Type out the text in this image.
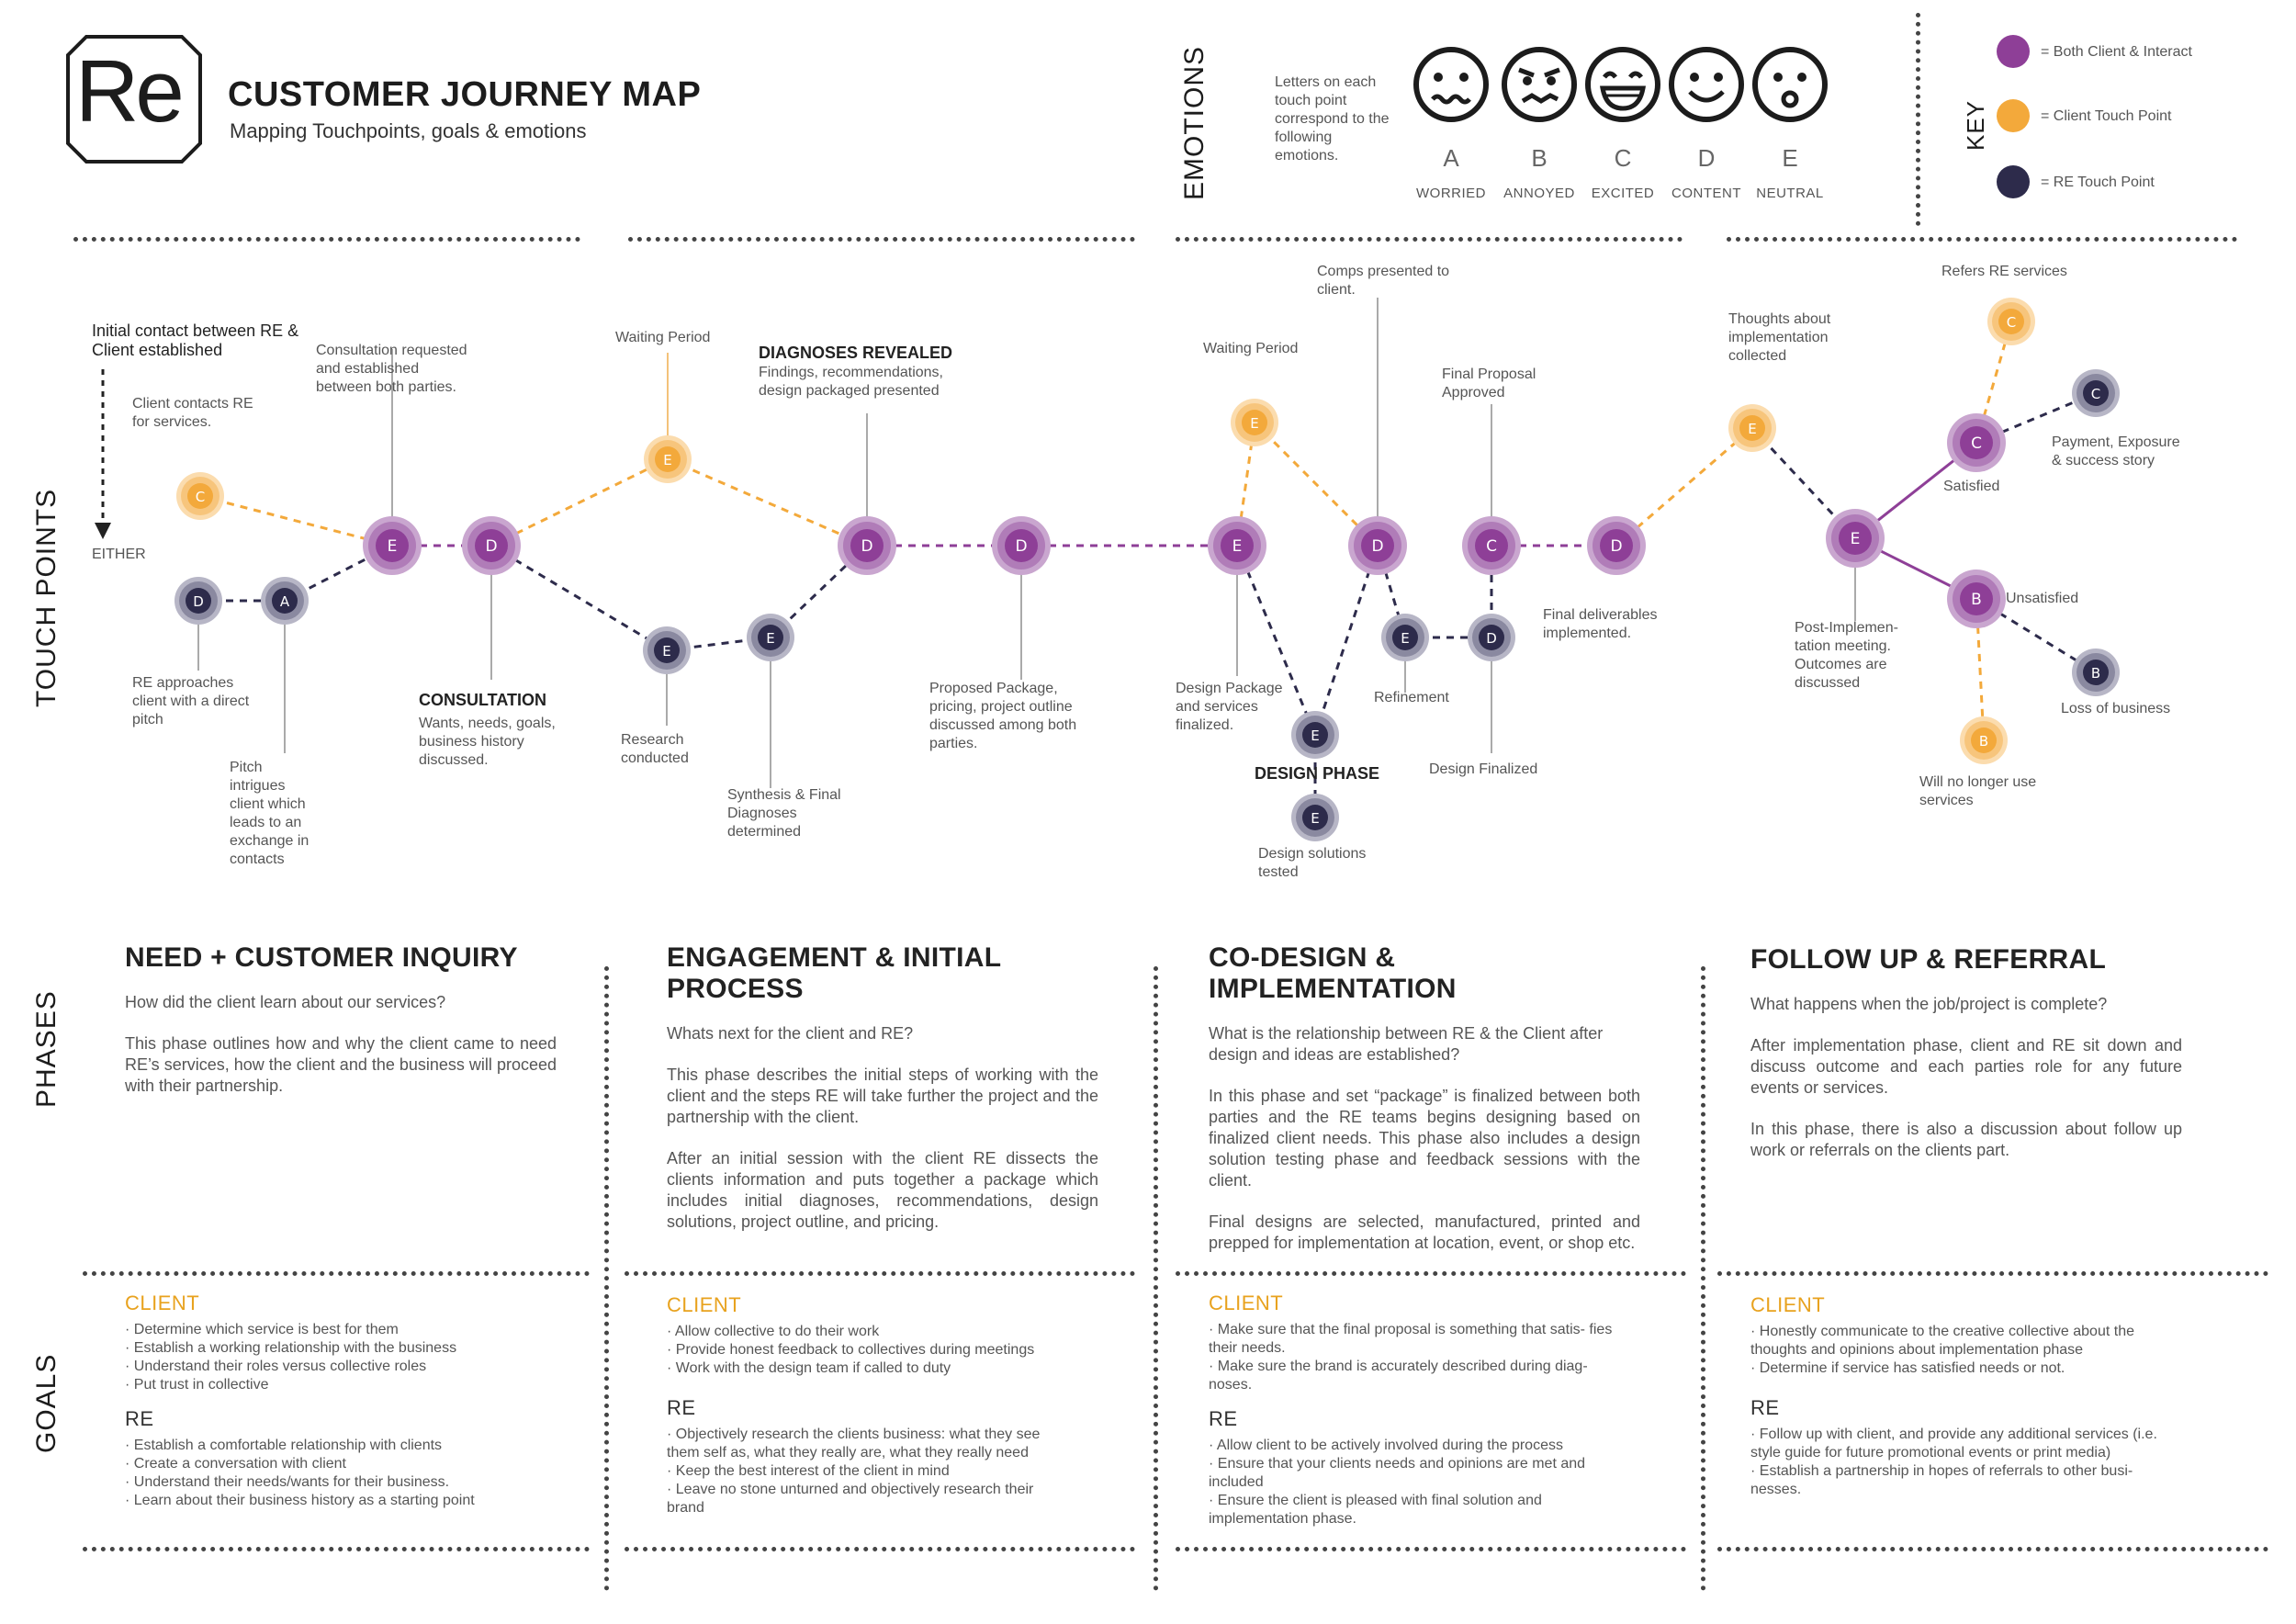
Re CUSTOMER JOURNEY MAP
Mapping Touchpoints, goals & emotions	EMOTIONS	Letters on each touch point correspond to the following emotions.	A
WORRIED
B
ANNOYED
C
EXCITED
D
CONTENT
E
NEUTRAL
KEY
= Both Client & Interact
= Client Touch Point
= RE Touch Point
TOUCH POINTS	C
D	A
E	D
E
E
E
D	D	E
E
D
E
E
E	D
C	D
E
E
C
C
C
B
B
B
Initial contact between RE & Client established
Client contacts RE for services.
EITHER
RE approaches client with a direct pitch
Pitch intrigues client which leads to an exchange in contacts
Consultation requested and established between both parties.
CONSULTATION
Wants, needs, goals, business history discussed.
Waiting Period
Research conducted
Synthesis & Final Diagnoses determined
DIAGNOSES REVEALED
Findings, recommendations, design packaged presented
Proposed Package, pricing, project outline discussed among both parties.
Waiting Period
Comps presented to client.
Design Package and services finalized.
DESIGN PHASE
Design solutions tested
Refinement
Final Proposal Approved
Design Finalized
Final deliverables implemented.
Thoughts about implementation collected
Post-Implemen- tation meeting. Outcomes are discussed
Refers RE services
Satisfied
Payment, Exposure & success story
Unsatisfied
Loss of business
Will no longer use services
PHASES
NEED + CUSTOMER INQUIRY

How did the client learn about our services?

This phase outlines how and why the client came to need RE’s services, how the client and the business will proceed with their partnership.

ENGAGEMENT & INITIAL PROCESS

Whats next for the client and RE?

This phase describes the initial steps of working with the client and the steps RE will take further the project and the partnership with the client.

After an initial session with the client RE dissects the clients information and puts together a package which includes initial diagnoses, recommendations, design solutions, project outline, and pricing.

CO-DESIGN & IMPLEMENTATION

What is the relationship between RE & the Client after design and ideas are established?

In this phase and set “package” is finalized between both parties and the RE teams begins designing based on finalized client needs. This phase also includes a design solution testing phase and feedback sessions with the client.

Final designs are selected, manufactured, printed and prepped for implementation at location, event, or shop etc.

FOLLOW UP & REFERRAL

What happens when the job/project is complete?

After implementation phase, client and RE sit down and discuss outcome and each parties role for any future events or services.

In this phase, there is also a discussion about follow up work or referrals on the clients part.

GOALS
CLIENT
· Determine which service is best for them
· Establish a working relationship with the business
· Understand their roles versus collective roles
· Put trust in collective
RE
· Establish a comfortable relationship with clients
· Create a conversation with client
· Understand their needs/wants for their business.
· Learn about their business history as a starting point
CLIENT
· Allow collective to do their work
· Provide honest feedback to collectives during meetings
· Work with the design team if called to duty
RE
· Objectively research the clients business: what they see them self as, what they really are, what they really need
· Keep the best interest of the client in mind
· Leave no stone unturned and objectively research their brand
CLIENT
· Make sure that the final proposal is something that satis- fies their needs.
· Make sure the brand is accurately described during diag- noses.
RE
· Allow client to be actively involved during the process
· Ensure that your clients needs and opinions are met and included
· Ensure the client is pleased with final solution and implementation phase.
CLIENT
· Honestly communicate to the creative collective about the thoughts and opinions about implementation phase
· Determine if service has satisfied needs or not.
RE
· Follow up with client, and provide any additional services (i.e. style guide for future promotional events or print media)
· Establish a partnership in hopes of referrals to other busi- nesses.
